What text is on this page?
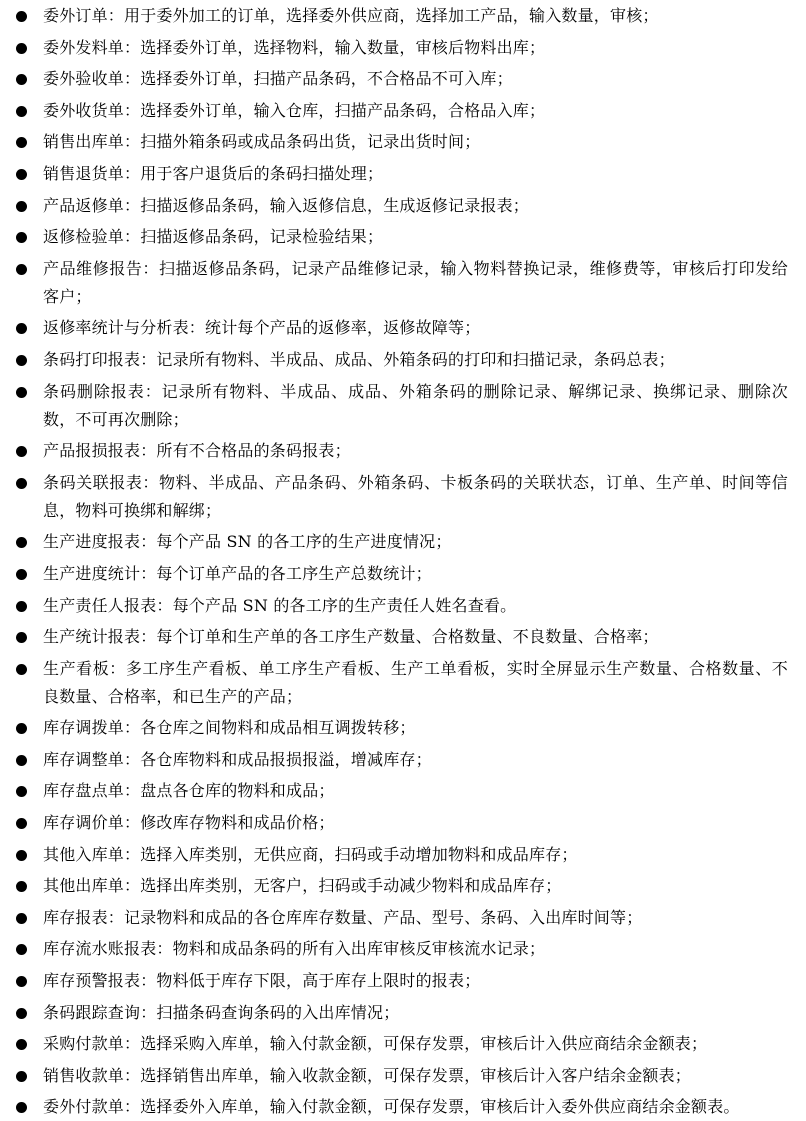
委外订单：用于委外加工的订单，选择委外供应商，选择加工产品，输入数量，审核；
委外发料单：选择委外订单，选择物料，输入数量，审核后物料出库；
委外验收单：选择委外订单，扫描产品条码，不合格品不可入库；
委外收货单：选择委外订单，输入仓库，扫描产品条码，合格品入库；
销售出库单：扫描外箱条码或成品条码出货，记录出货时间；
销售退货单：用于客户退货后的条码扫描处理；
产品返修单：扫描返修品条码，输入返修信息，生成返修记录报表；
返修检验单：扫描返修品条码，记录检验结果；
产品维修报告：扫描返修品条码，记录产品维修记录，输入物料替换记录，维修费等，审核后打印发给客户；
返修率统计与分析表：统计每个产品的返修率，返修故障等；
条码打印报表：记录所有物料、半成品、成品、外箱条码的打印和扫描记录，条码总表；
条码删除报表：记录所有物料、半成品、成品、外箱条码的删除记录、解绑记录、换绑记录、删除次数，不可再次删除；
产品报损报表：所有不合格品的条码报表；
条码关联报表：物料、半成品、产品条码、外箱条码、卡板条码的关联状态，订单、生产单、时间等信息，物料可换绑和解绑；
生产进度报表：每个产品 SN 的各工序的生产进度情况；
生产进度统计：每个订单产品的各工序生产总数统计；
生产责任人报表：每个产品 SN 的各工序的生产责任人姓名查看。
生产统计报表：每个订单和生产单的各工序生产数量、合格数量、不良数量、合格率；
生产看板：多工序生产看板、单工序生产看板、生产工单看板，实时全屏显示生产数量、合格数量、不良数量、合格率，和已生产的产品；
库存调拨单：各仓库之间物料和成品相互调拨转移；
库存调整单：各仓库物料和成品报损报溢，增减库存；
库存盘点单：盘点各仓库的物料和成品；
库存调价单：修改库存物料和成品价格；
其他入库单：选择入库类别，无供应商，扫码或手动增加物料和成品库存；
其他出库单：选择出库类别，无客户，扫码或手动减少物料和成品库存；
库存报表：记录物料和成品的各仓库库存数量、产品、型号、条码、入出库时间等；
库存流水账报表：物料和成品条码的所有入出库审核反审核流水记录；
库存预警报表：物料低于库存下限，高于库存上限时的报表；
条码跟踪查询：扫描条码查询条码的入出库情况；
采购付款单：选择采购入库单，输入付款金额，可保存发票，审核后计入供应商结余金额表；
销售收款单：选择销售出库单，输入收款金额，可保存发票，审核后计入客户结余金额表；
委外付款单：选择委外入库单，输入付款金额，可保存发票，审核后计入委外供应商结余金额表。
